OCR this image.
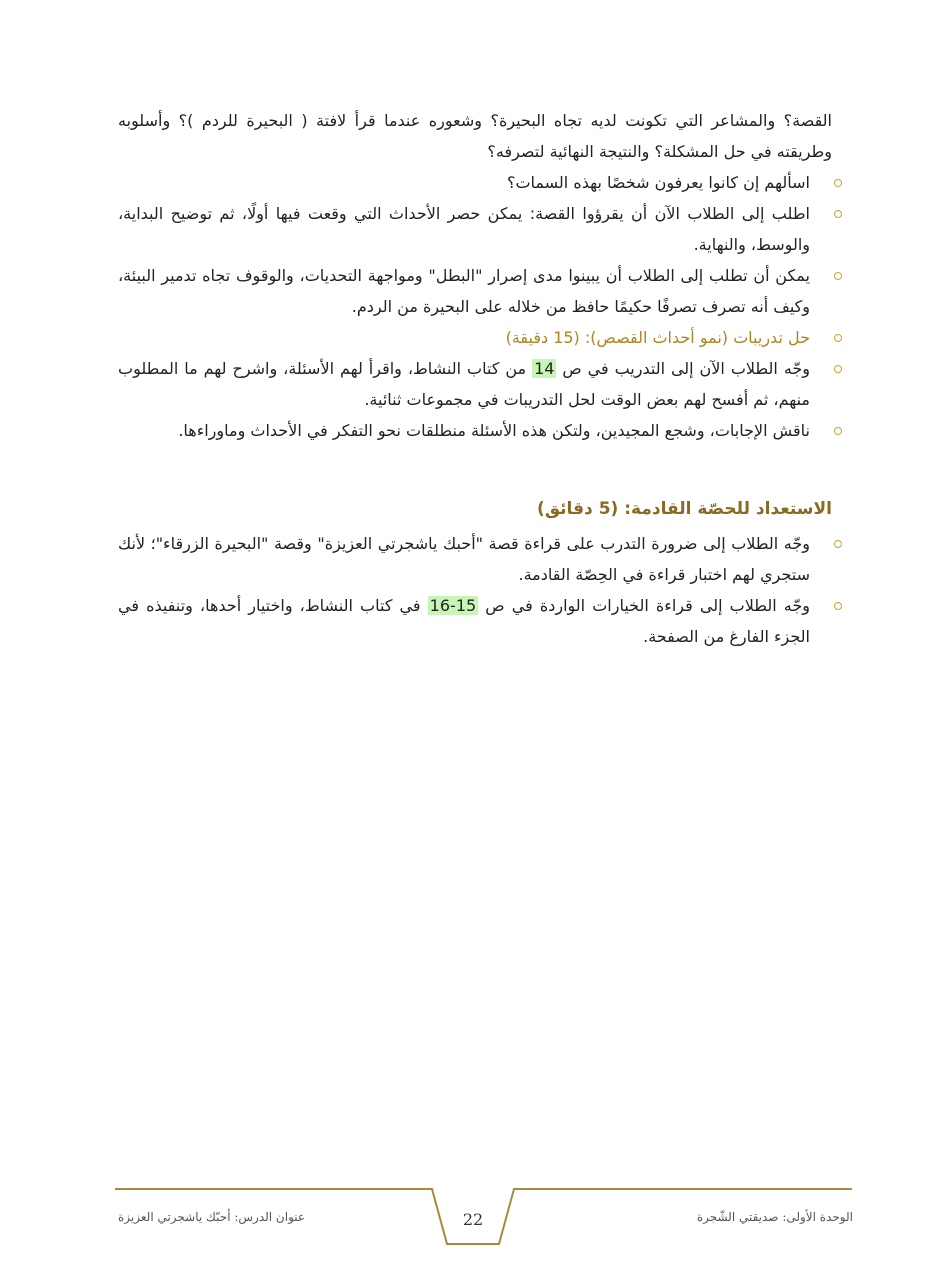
القصة؟ والمشاعر التي تكونت لديه تجاه البحيرة؟ وشعوره عندما قرأ لافتة ( البحيرة للردم )؟ وأسلوبه وطريقته في حل المشكلة؟ والنتيجة النهائية لتصرفه؟

اسألهم إن كانوا يعرفون شخصًا بهذه السمات؟
اطلب إلى الطلاب الآن أن يقرؤوا القصة: يمكن حصر الأحداث التي وقعت فيها أولًا، ثم توضيح البداية، والوسط، والنهاية.
يمكن أن تطلب إلى الطلاب أن يبينوا مدى إصرار "البطل" ومواجهة التحديات، والوقوف تجاه تدمير البيئة، وكيف أنه تصرف تصرفًا حكيمًا حافظ من خلاله على البحيرة من الردم.
حل تدريبات (نمو أحداث القصص): (15 دقيقة)
وجّه الطلاب الآن إلى التدريب في ص 14 من كتاب النشاط، واقرأ لهم الأسئلة، واشرح لهم ما المطلوب منهم، ثم أفسح لهم بعض الوقت لحل التدريبات في مجموعات ثنائية.
ناقش الإجابات، وشجع المجيدين، ولتكن هذه الأسئلة منطلقات نحو التفكر في الأحداث وماوراءها.
الاستعداد للحصّة القادمة: (5 دقائق)
وجّه الطلاب إلى ضرورة التدرب على قراءة قصة "أحبك ياشجرتي العزيزة" وقصة "البحيرة الزرقاء"؛ لأنك ستجري لهم اختبار قراءة في الحِصّة القادمة.
وجّه الطلاب إلى قراءة الخيارات الواردة في ص 15-16 في كتاب النشاط، واختيار أحدها، وتنفيذه في الجزء الفارغ من الصفحة.
عنوان الدرس: أحبّك ياشجرتي العزيزة	22	الوحدة الأولى: صديقتي الشّجرة
